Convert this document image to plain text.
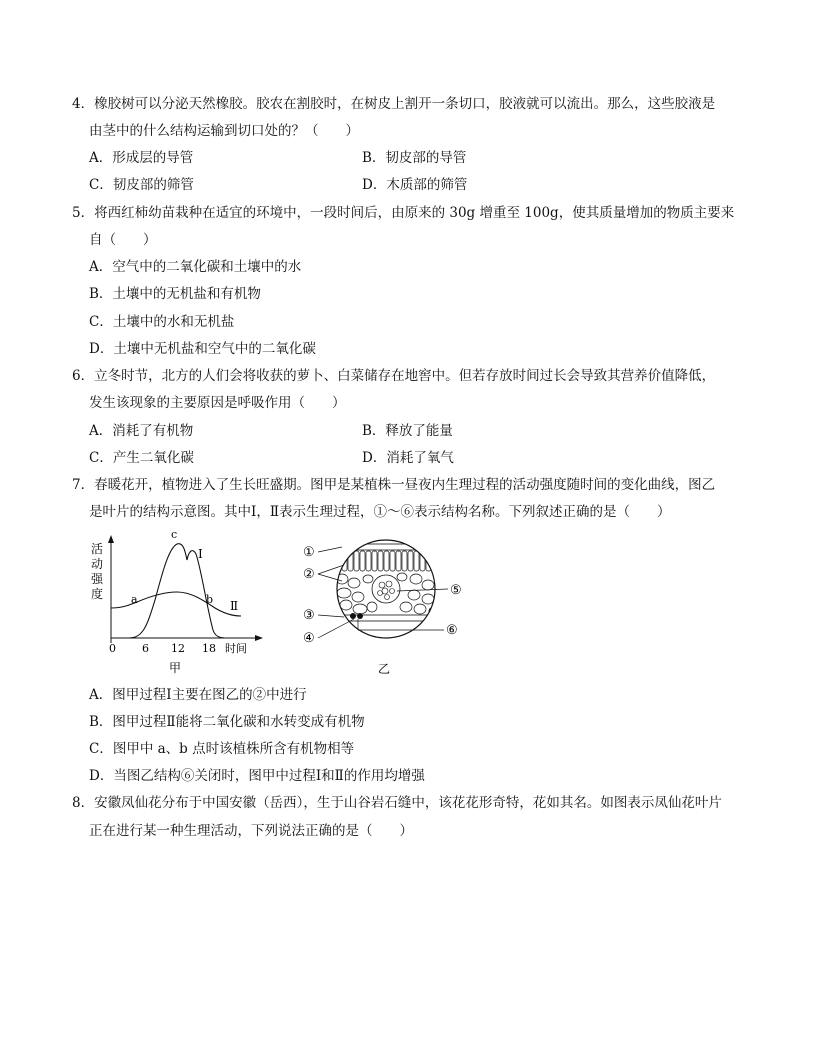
4．橡胶树可以分泌天然橡胶。胶农在割胶时，在树皮上割开一条切口，胶液就可以流出。那么，这些胶液是
由茎中的什么结构运输到切口处的？（　　）
A．形成层的导管	B．韧皮部的导管
C．韧皮部的筛管	D．木质部的筛管
5．将西红柿幼苗栽种在适宜的环境中，一段时间后，由原来的 30g 增重至 100g，使其质量增加的物质主要来
自（　　）
A．空气中的二氧化碳和土壤中的水
B．土壤中的无机盐和有机物
C．土壤中的水和无机盐
D．土壤中无机盐和空气中的二氧化碳
6．立冬时节，北方的人们会将收获的萝卜、白菜储存在地窖中。但若存放时间过长会导致其营养价值降低，
发生该现象的主要原因是呼吸作用（　　）
A．消耗了有机物	B．释放了能量
C．产生二氧化碳	D．消耗了氧气
7．春暖花开，植物进入了生长旺盛期。图甲是某植株一昼夜内生理过程的活动强度随时间的变化曲线，图乙
是叶片的结构示意图。其中Ⅰ，Ⅱ表示生理过程，①～⑥表示结构名称。下列叙述正确的是（　　）
活
动
强
度
c
Ⅰ
a	b Ⅱ
0 6 12 18 时间
甲
①
②
③
④
⑤
⑥
乙
A．图甲过程Ⅰ主要在图乙的②中进行
B．图甲过程Ⅱ能将二氧化碳和水转变成有机物
C．图甲中 a、b 点时该植株所含有机物相等
D．当图乙结构⑥关闭时，图甲中过程Ⅰ和Ⅱ的作用均增强
8．安徽凤仙花分布于中国安徽（岳西），生于山谷岩石缝中，该花花形奇特，花如其名。如图表示凤仙花叶片
正在进行某一种生理活动，下列说法正确的是（　　）
